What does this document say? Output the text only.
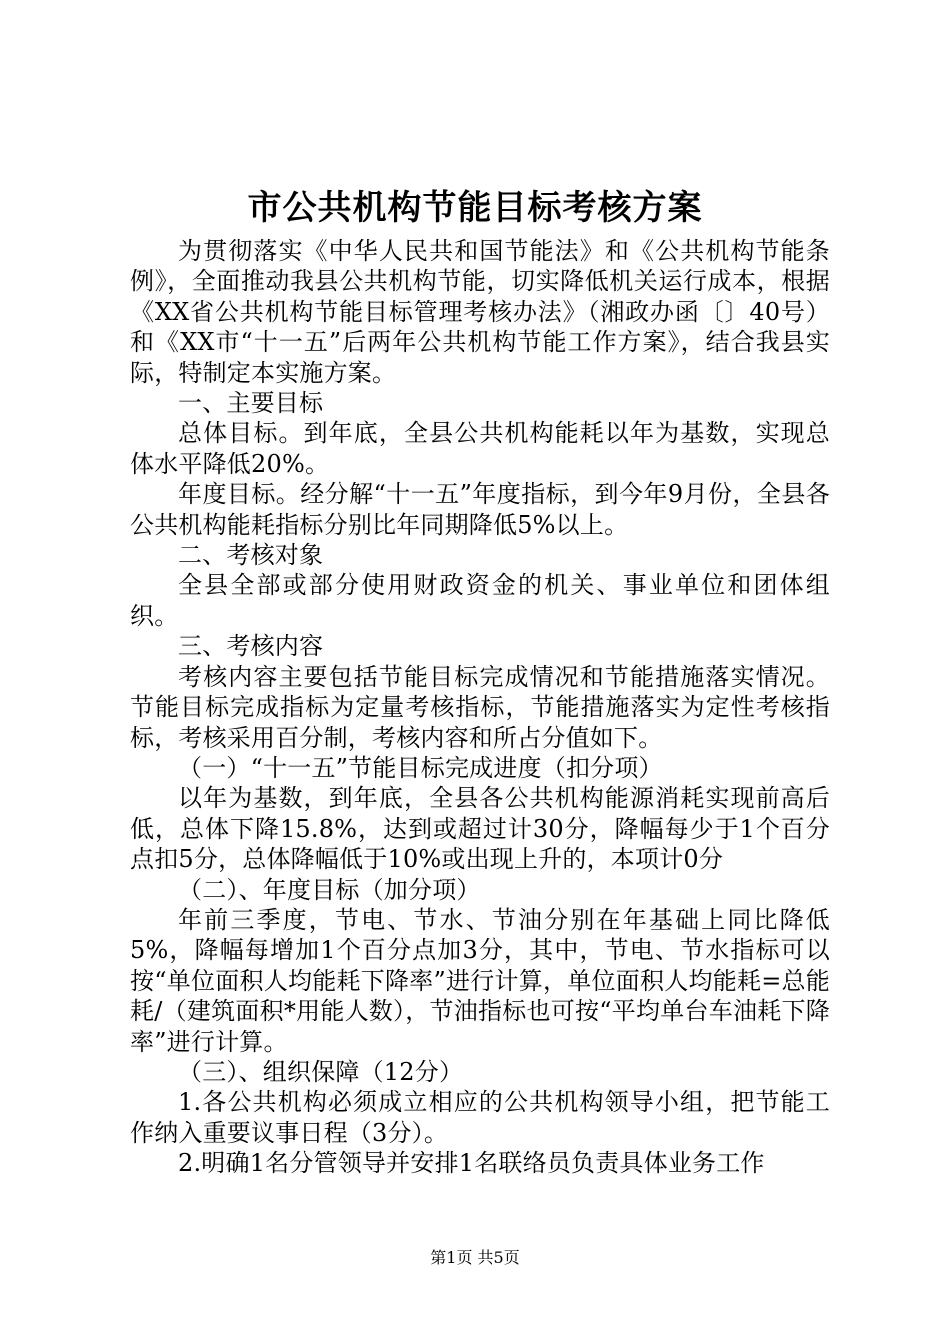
市公共机构节能目标考核方案

为贯彻落实《中华人民共和国节能法》和《公共机构节能条例》，全面推动我县公共机构节能，切实降低机关运行成本，根据《XX省公共机构节能目标管理考核办法》（湘政办函〔〕40号）和《XX市“十一五”后两年公共机构节能工作方案》，结合我县实际，特制定本实施方案。

一、主要目标

总体目标。到年底，全县公共机构能耗以年为基数，实现总体水平降低20%。

年度目标。经分解“十一五”年度指标，到今年9月份，全县各公共机构能耗指标分别比年同期降低5%以上。

二、考核对象

全县全部或部分使用财政资金的机关、事业单位和团体组织。

三、考核内容

考核内容主要包括节能目标完成情况和节能措施落实情况。节能目标完成指标为定量考核指标，节能措施落实为定性考核指标，考核采用百分制，考核内容和所占分值如下。

（一）“十一五”节能目标完成进度（扣分项）

以年为基数，到年底，全县各公共机构能源消耗实现前高后低，总体下降15.8%，达到或超过计30分，降幅每少于1个百分点扣5分，总体降幅低于10%或出现上升的，本项计0分

（二）、年度目标（加分项）

年前三季度，节电、节水、节油分别在年基础上同比降低5%，降幅每增加1个百分点加3分，其中，节电、节水指标可以按“单位面积人均能耗下降率”进行计算，单位面积人均能耗=总能耗/（建筑面积*用能人数），节油指标也可按“平均单台车油耗下降率”进行计算。

（三）、组织保障（12分）

1.各公共机构必须成立相应的公共机构领导小组，把节能工作纳入重要议事日程（3分）。

2.明确1名分管领导并安排1名联络员负责具体业务工作

第1页 共5页
